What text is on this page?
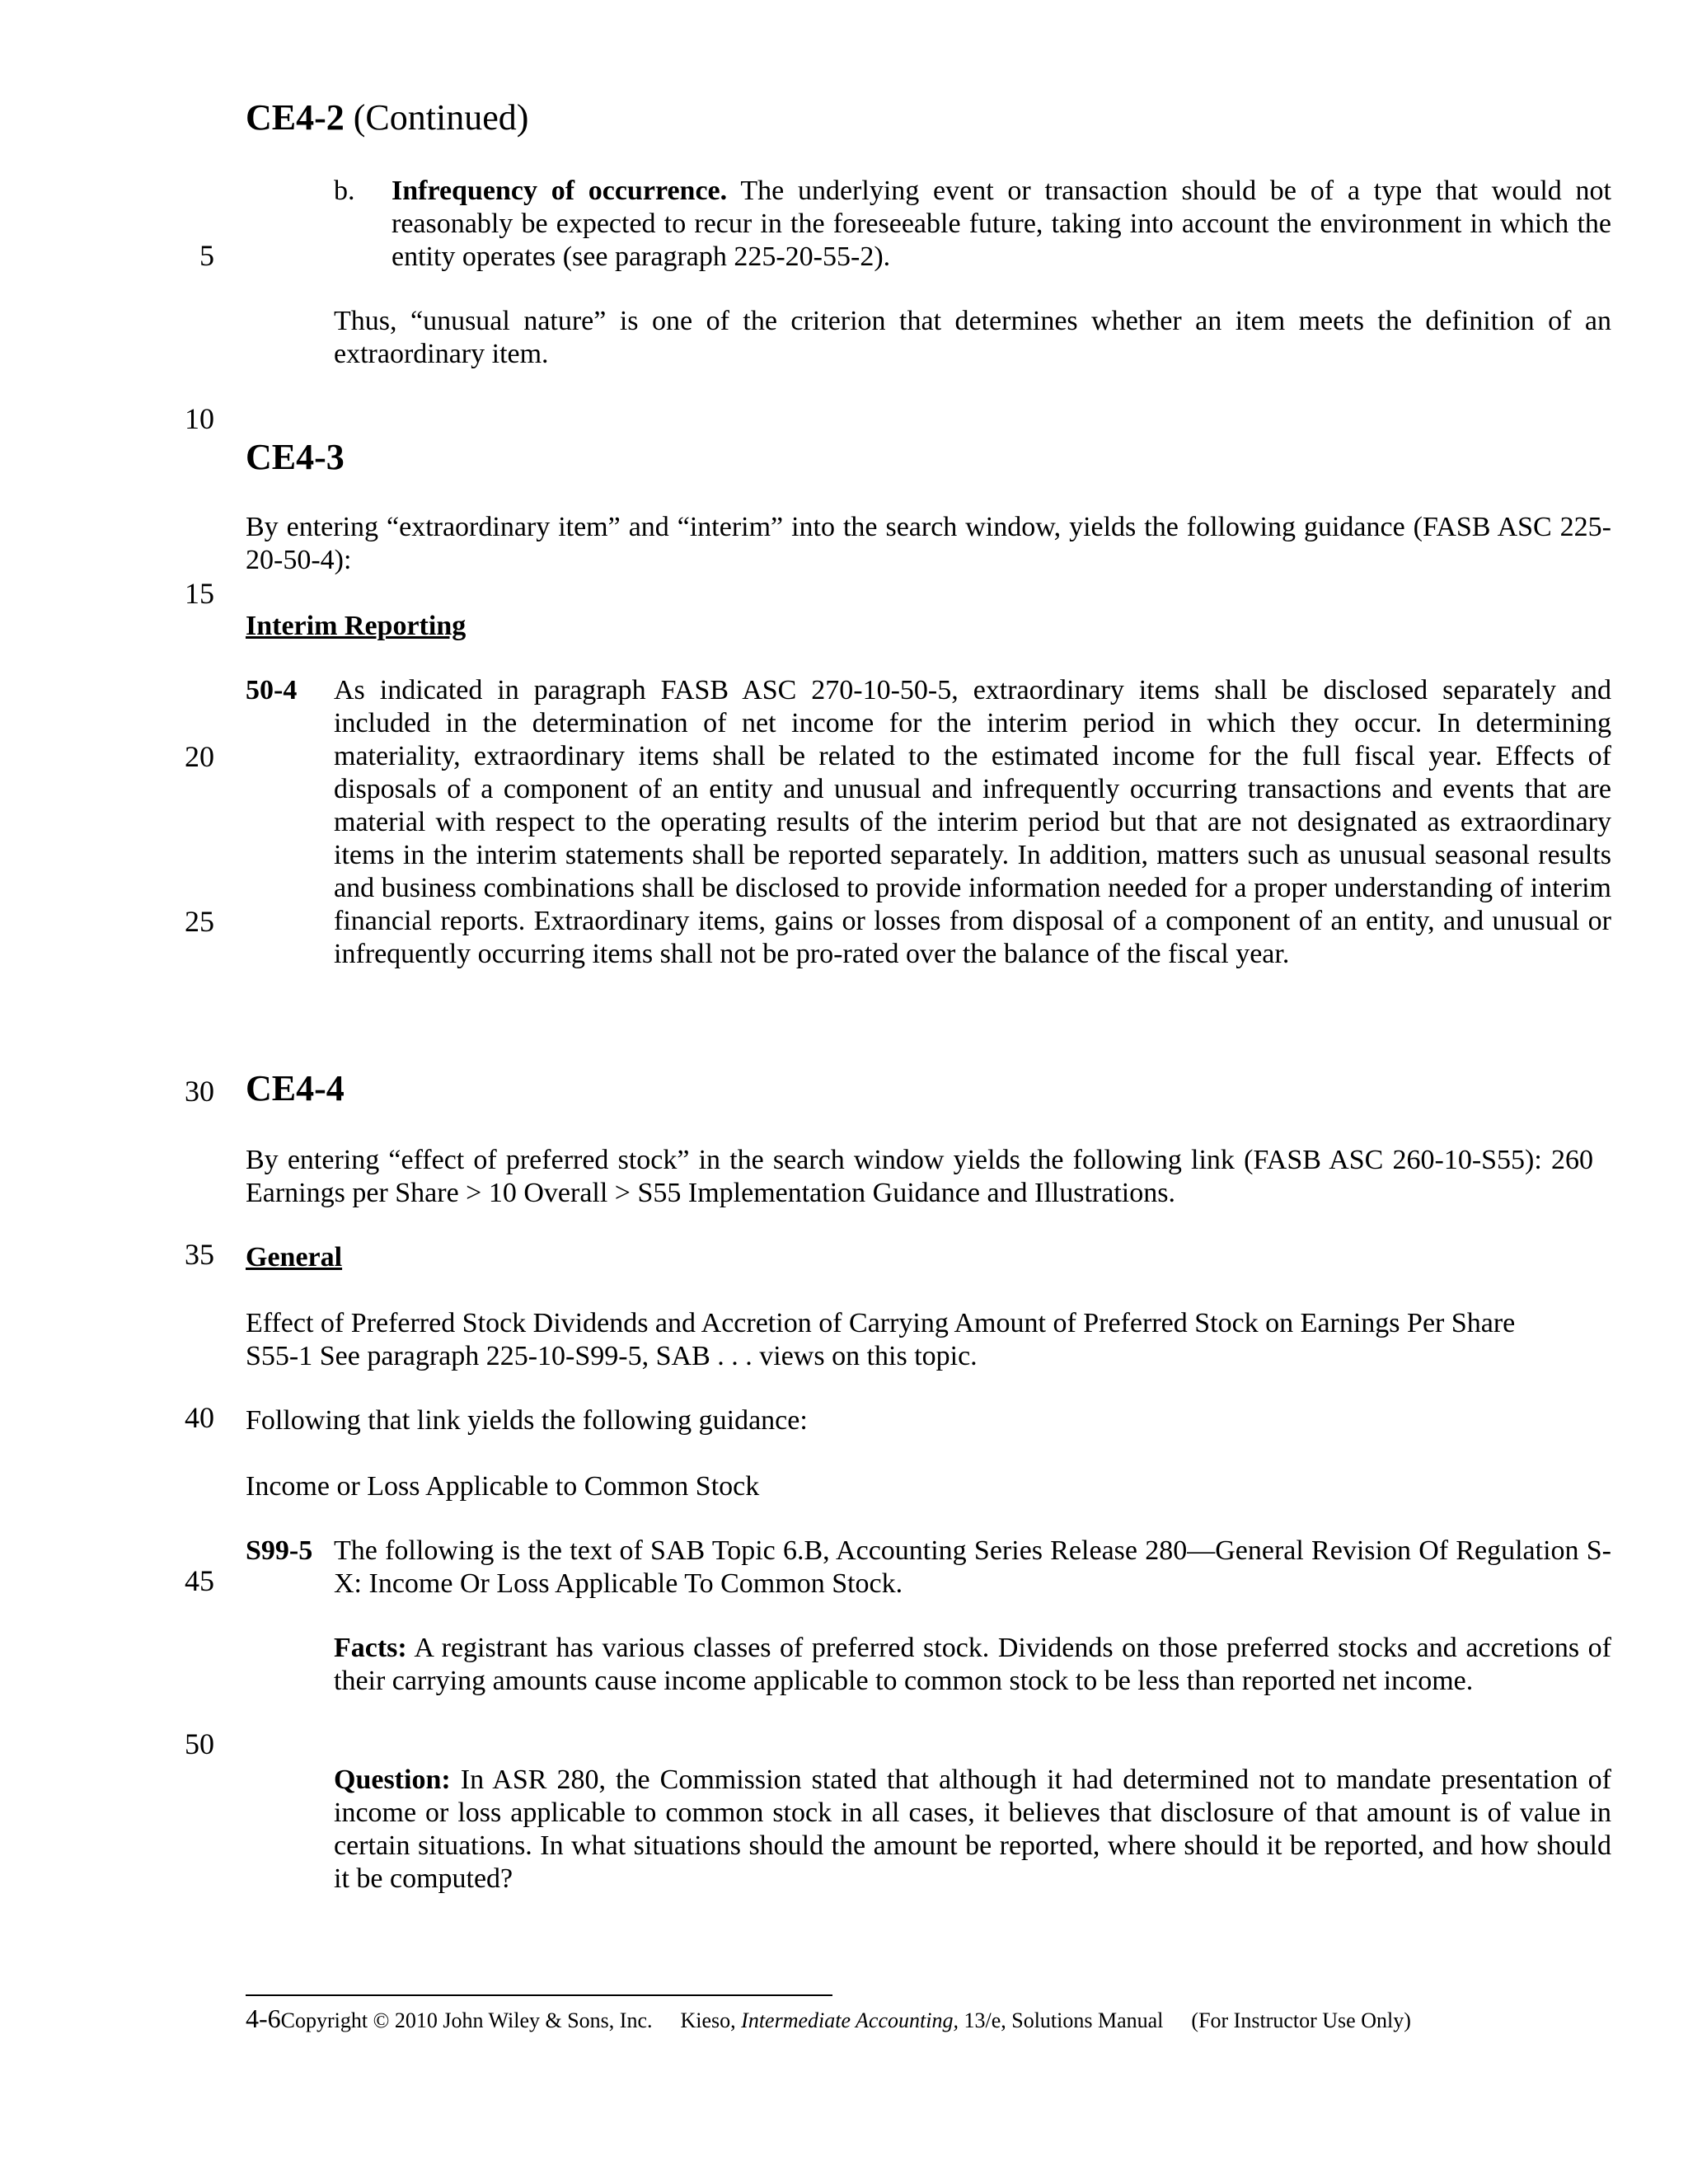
5
10
15
20
25
30
35
40
45
50
CE4-2 (Continued)
b. Infrequency of occurrence. The underlying event or transaction should be of a type that would not reasonably be expected to recur in the foreseeable future, taking into account the environment in which the entity operates (see paragraph 225-20-55-2).
Thus, “unusual nature” is one of the criterion that determines whether an item meets the definition of an extraordinary item.
CE4-3
By entering “extraordinary item” and “interim” into the search window, yields the following guidance (FASB ASC 225-20-50-4):
Interim Reporting
50-4 As indicated in paragraph FASB ASC 270-10-50-5, extraordinary items shall be disclosed separately and included in the determination of net income for the interim period in which they occur. In determining materiality, extraordinary items shall be related to the estimated income for the full fiscal year. Effects of disposals of a component of an entity and unusual and infrequently occurring transactions and events that are material with respect to the operating results of the interim period but that are not designated as extraordinary items in the interim statements shall be reported separately. In addition, matters such as unusual seasonal results and business combinations shall be disclosed to provide information needed for a proper understanding of interim financial reports. Extraordinary items, gains or losses from disposal of a component of an entity, and unusual or infrequently occurring items shall not be pro-rated over the balance of the fiscal year.
CE4-4
By entering “effect of preferred stock” in the search window yields the following link (FASB ASC 260-10-S55): 260 Earnings per Share > 10 Overall > S55 Implementation Guidance and Illustrations.
General
Effect of Preferred Stock Dividends and Accretion of Carrying Amount of Preferred Stock on Earnings Per Share
S55-1 See paragraph 225-10-S99-5, SAB . . . views on this topic.
Following that link yields the following guidance:
Income or Loss Applicable to Common Stock
S99-5 The following is the text of SAB Topic 6.B, Accounting Series Release 280—General Revision Of Regulation S-X: Income Or Loss Applicable To Common Stock.
Facts: A registrant has various classes of preferred stock. Dividends on those preferred stocks and accretions of their carrying amounts cause income applicable to common stock to be less than reported net income.
Question: In ASR 280, the Commission stated that although it had determined not to mandate presentation of income or loss applicable to common stock in all cases, it believes that disclosure of that amount is of value in certain situations. In what situations should the amount be reported, where should it be reported, and how should it be computed?
4-6Copyright © 2010 John Wiley & Sons, Inc. Kieso, Intermediate Accounting, 13/e, Solutions Manual (For Instructor Use Only)
